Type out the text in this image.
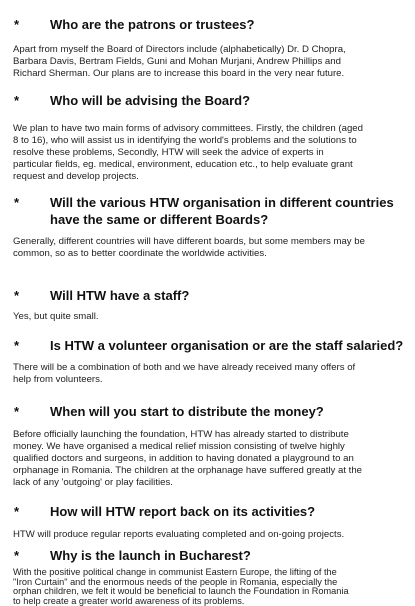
* Who are the patrons or trustees?
Apart from myself the Board of Directors include (alphabetically) Dr. D Chopra,
Barbara Davis, Bertram Fields, Guni and Mohan Murjani, Andrew Phillips and
Richard Sherman. Our plans are to increase this board in the very near future.
* Who will be advising the Board?
We plan to have two main forms of advisory committees. Firstly, the children (aged
8 to 16), who will assist us in identifying the world's problems and the solutions to
resolve these problems, Secondly, HTW will seek the advice of experts in
particular fields, eg. medical, environment, education etc., to help evaluate grant
request and develop projects.
* Will the various HTW organisation in different countries
have the same or different Boards?
Generally, different countries will have different boards, but some members may be
common, so as to better coordinate the worldwide activities.
* Will HTW have a staff?
Yes, but quite small.
* Is HTW a volunteer organisation or are the staff salaried?
There will be a combination of both and we have already received many offers of
help from volunteers.
* When will you start to distribute the money?
Before officially launching the foundation, HTW has already started to distribute
money. We have organised a medical relief mission consisting of twelve highly
qualified doctors and surgeons, in addition to having donated a playground to an
orphanage in Romania. The children at the orphanage have suffered greatly at the
lack of any 'outgoing' or play facilities.
* How will HTW report back on its activities?
HTW will produce regular reports evaluating completed and on-going projects.
* Why is the launch in Bucharest?
With the positive political change in communist Eastern Europe, the lifting of the
"Iron Curtain" and the enormous needs of the people in Romania, especially the
orphan children, we felt it would be beneficial to launch the Foundation in Romania
to help create a greater world awareness of its problems.
